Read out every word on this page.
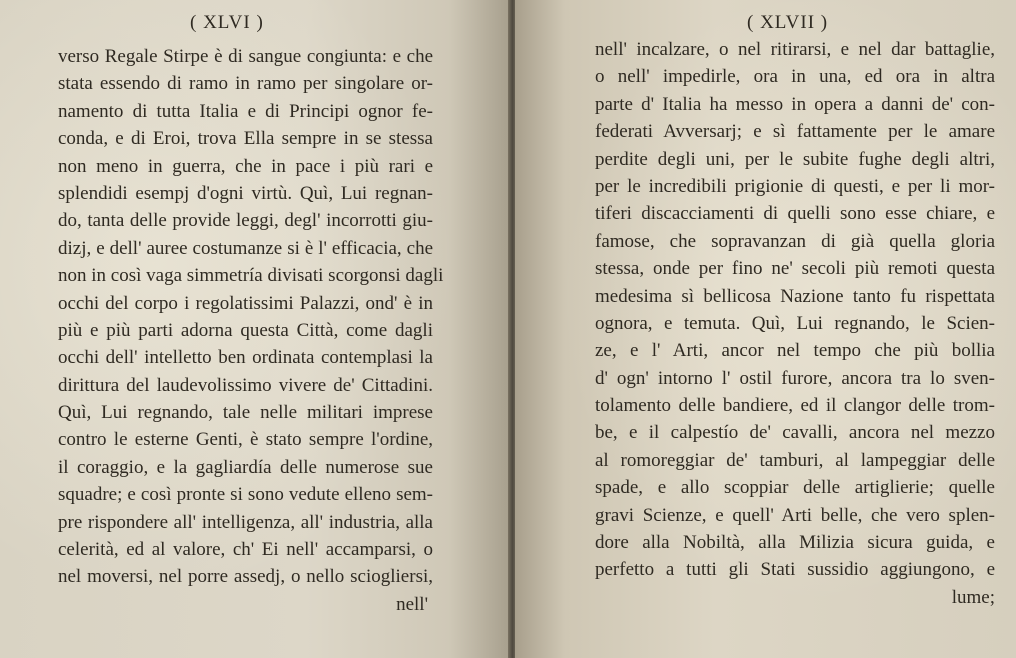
( XLVI )
verso Regale Stirpe è di sangue congiunta: e che
stata essendo di ramo in ramo per singolare or-
namento di tutta Italia e di Principi ognor fe-
conda, e di Eroi, trova Ella sempre in se stessa
non meno in guerra, che in pace i più rari e
splendidi esempj d'ogni virtù. Quì, Lui regnan-
do, tanta delle provide leggi, degl' incorrotti giu-
dizj, e dell' auree costumanze si è l' efficacia, che
non in così vaga simmetría divisati scorgonsi dagli
occhi del corpo i regolatissimi Palazzi, ond' è in
più e più parti adorna questa Città, come dagli
occhi dell' intelletto ben ordinata contemplasi la
dirittura del laudevolissimo vivere de' Cittadini.
Quì, Lui regnando, tale nelle militari imprese
contro le esterne Genti, è stato sempre l'ordine,
il coraggio, e la gagliardía delle numerose sue
squadre; e così pronte si sono vedute elleno sem-
pre rispondere all' intelligenza, all' industria, alla
celerità, ed al valore, ch' Ei nell' accamparsi, o
nel moversi, nel porre assedj, o nello sciogliersi,
nell'
( XLVII )
nell' incalzare, o nel ritirarsi, e nel dar battaglie,
o nell' impedirle, ora in una, ed ora in altra
parte d' Italia ha messo in opera a danni de' con-
federati Avversarj; e sì fattamente per le amare
perdite degli uni, per le subite fughe degli altri,
per le incredibili prigionie di questi, e per li mor-
tiferi discacciamenti di quelli sono esse chiare, e
famose, che sopravanzan di già quella gloria
stessa, onde per fino ne' secoli più remoti questa
medesima sì bellicosa Nazione tanto fu rispettata
ognora, e temuta. Quì, Lui regnando, le Scien-
ze, e l' Arti, ancor nel tempo che più bollia
d' ogn' intorno l' ostil furore, ancora tra lo sven-
tolamento delle bandiere, ed il clangor delle trom-
be, e il calpestío de' cavalli, ancora nel mezzo
al romoreggiar de' tamburi, al lampeggiar delle
spade, e allo scoppiar delle artiglierie; quelle
gravi Scienze, e quell' Arti belle, che vero splen-
dore alla Nobiltà, alla Milizia sicura guida, e
perfetto a tutti gli Stati sussidio aggiungono, e
lume;
